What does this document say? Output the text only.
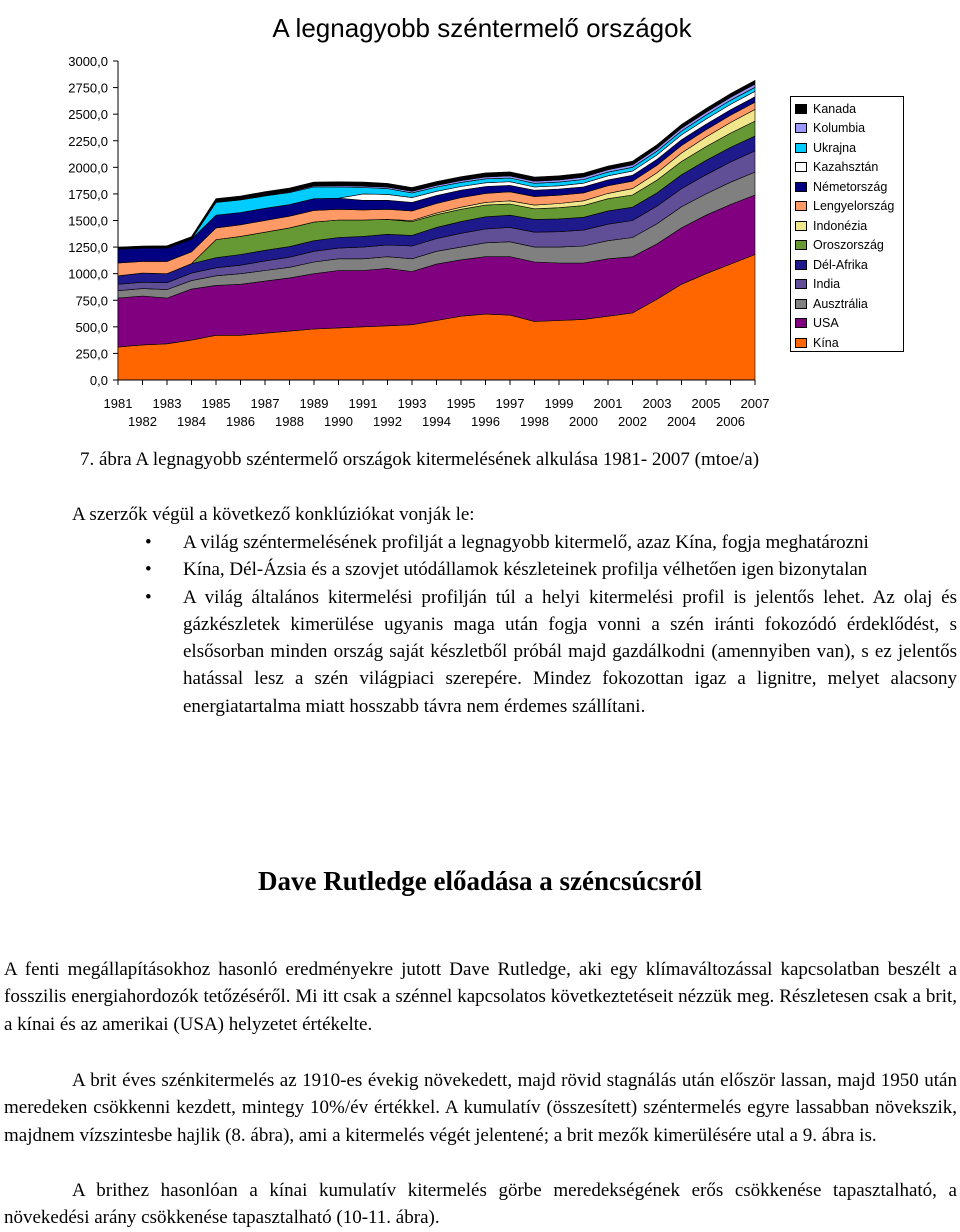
A legnagyobb széntermelő országok
0,0
250,0
500,0
750,0
1000,0
1250,0
1500,0
1750,0
2000,0
2250,0
2500,0
2750,0
3000,0
1981 1983 1985 1987 1989 1991 1993 1995 1997 1999 2001 2003 2005 2007
1982 1984 1986 1988 1990 1992 1994 1996 1998 2000 2002 2004 2006
Kanada
Kolumbia
Ukrajna
Kazahsztán
Németország
Lengyelország
Indonézia
Oroszország
Dél-Afrika
India
Ausztrália
USA
Kína
7. ábra A legnagyobb széntermelő országok kitermelésének alkulása 1981- 2007 (mtoe/a)
A szerzők végül a következő konklúziókat vonják le:
• A világ széntermelésének profilját a legnagyobb kitermelő, azaz Kína, fogja meghatározni
• Kína, Dél-Ázsia és a szovjet utódállamok készleteinek profilja vélhetően igen bizonytalan
• A világ általános kitermelési profilján túl a helyi kitermelési profil is jelentős lehet. Az olaj és gázkészletek kimerülése ugyanis maga után fogja vonni a szén iránti fokozódó érdeklődést, s elsősorban minden ország saját készletből próbál majd gazdálkodni (amennyiben van), s ez jelentős hatással lesz a szén világpiaci szerepére. Mindez fokozottan igaz a lignitre, melyet alacsony energiatartalma miatt hosszabb távra nem érdemes szállítani.
Dave Rutledge előadása a széncsúcsról

A fenti megállapításokhoz hasonló eredményekre jutott Dave Rutledge, aki egy klímaváltozással kapcsolatban beszélt a fosszilis energiahordozók tetőzéséről. Mi itt csak a szénnel kapcsolatos következtetéseit nézzük meg. Részletesen csak a brit, a kínai és az amerikai (USA) helyzetet értékelte.

A brit éves szénkitermelés az 1910-es évekig növekedett, majd rövid stagnálás után először lassan, majd 1950 után meredeken csökkenni kezdett, mintegy 10%/év értékkel. A kumulatív (összesített) széntermelés egyre lassabban növekszik, majdnem vízszintesbe hajlik (8. ábra), ami a kitermelés végét jelentené; a brit mezők kimerülésére utal a 9. ábra is.

A brithez hasonlóan a kínai kumulatív kitermelés görbe meredekségének erős csökkenése tapasztalható, a növekedési arány csökkenése tapasztalható (10-11. ábra).
